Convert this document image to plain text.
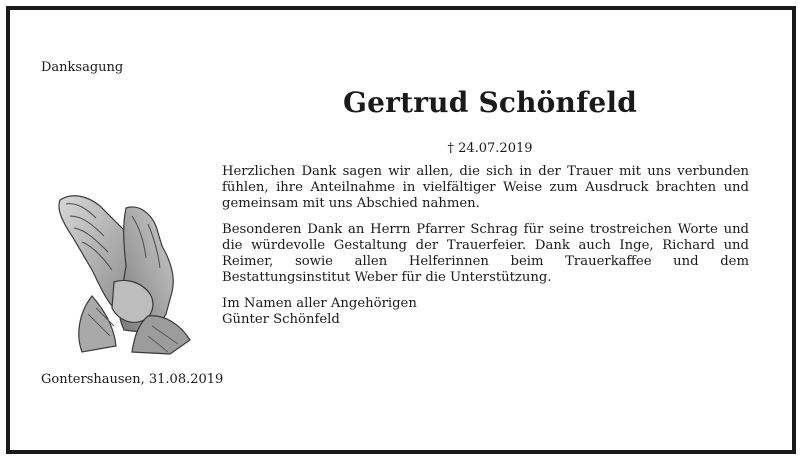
Danksagung
Gertrud Schönfeld
† 24.07.2019

Herzlichen Dank sagen wir allen, die sich in der Trauer mit uns verbunden fühlen, ihre Anteilnahme in vielfältiger Weise zum Ausdruck brachten und gemeinsam mit uns Abschied nahmen.

Besonderen Dank an Herrn Pfarrer Schrag für seine trostreichen Worte und die würdevolle Gestaltung der Trauerfeier. Dank auch Inge, Richard und Reimer, sowie allen Helferinnen beim Trauerkaffee und dem Bestattungsinstitut Weber für die Unterstützung.

Im Namen aller Angehörigen
Günter Schönfeld

Gontershausen, 31.08.2019
